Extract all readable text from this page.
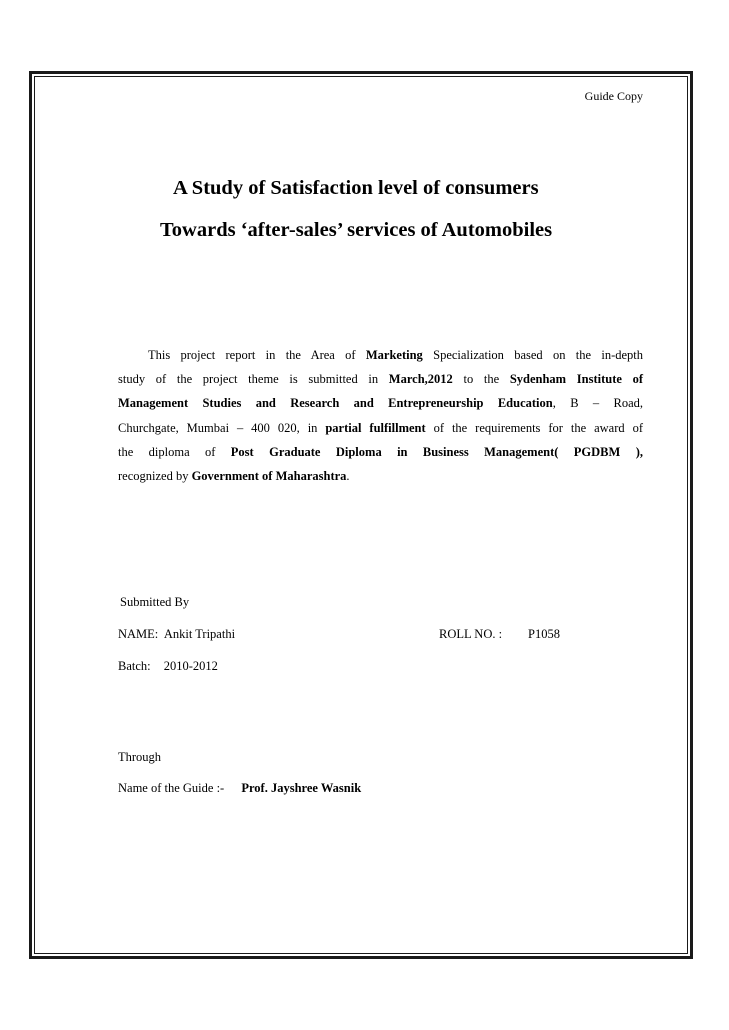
Guide Copy
A Study of Satisfaction level of consumers
Towards ‘after-sales’ services of Automobiles
This project report in the Area of Marketing Specialization based on the in-depth
study of the project theme is submitted in March,2012 to the Sydenham Institute of
Management Studies and Research and Entrepreneurship Education, B – Road,
Churchgate, Mumbai – 400 020, in partial fulfillment of the requirements for the award of
the diploma of Post Graduate Diploma in Business Management( PGDBM ),
recognized by Government of Maharashtra.
Submitted By
NAME: Ankit Tripathi	ROLL NO. : P1058
Batch: 2010-2012
Through
Name of the Guide :- Prof. Jayshree Wasnik
